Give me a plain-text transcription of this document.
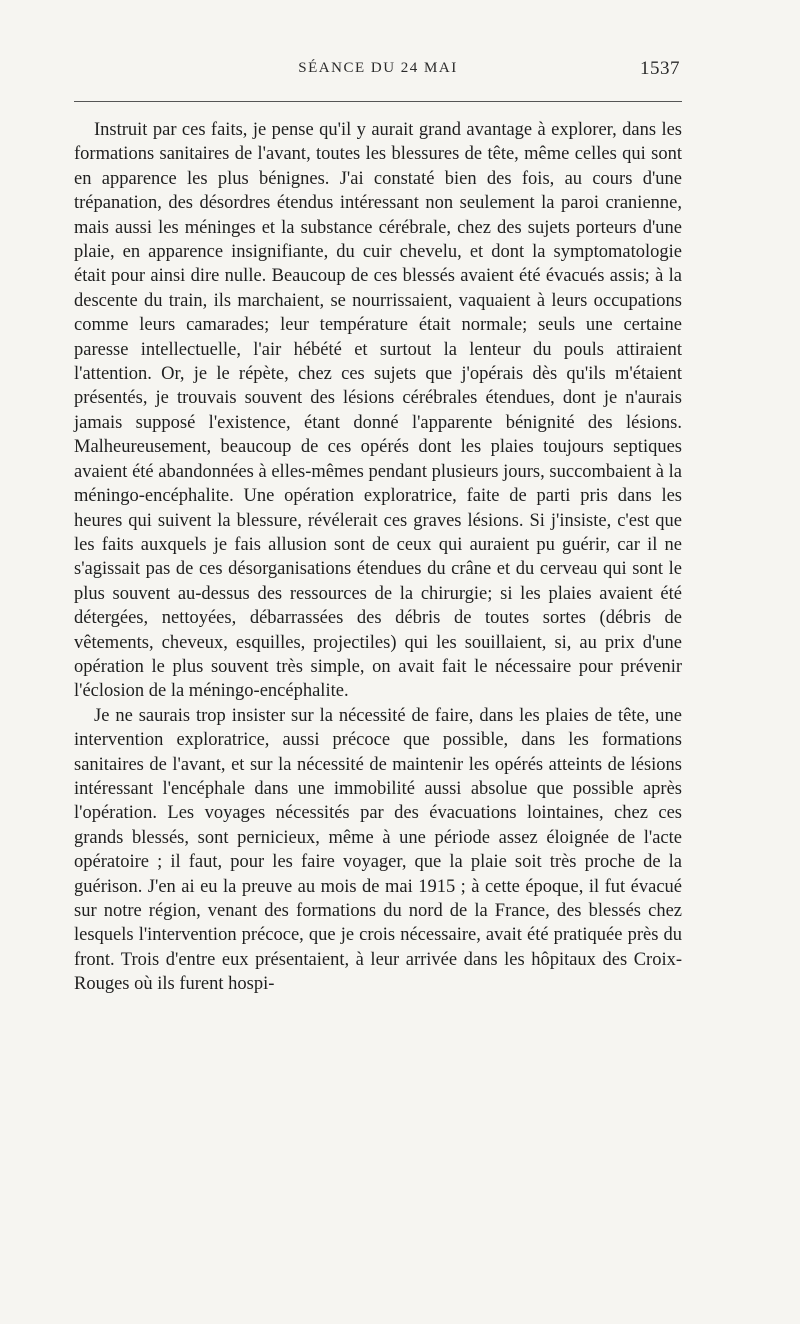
SÉANCE DU 24 MAI	1537

Instruit par ces faits, je pense qu'il y aurait grand avantage à explorer, dans les formations sanitaires de l'avant, toutes les blessures de tête, même celles qui sont en apparence les plus bénignes. J'ai constaté bien des fois, au cours d'une trépanation, des désordres étendus intéressant non seulement la paroi cranienne, mais aussi les méninges et la substance cérébrale, chez des sujets porteurs d'une plaie, en apparence insignifiante, du cuir chevelu, et dont la symptomatologie était pour ainsi dire nulle. Beaucoup de ces blessés avaient été évacués assis; à la descente du train, ils marchaient, se nourrissaient, vaquaient à leurs occupations comme leurs camarades; leur température était normale; seuls une certaine paresse intellectuelle, l'air hébété et surtout la lenteur du pouls attiraient l'attention. Or, je le répète, chez ces sujets que j'opérais dès qu'ils m'étaient présentés, je trouvais souvent des lésions cérébrales étendues, dont je n'aurais jamais supposé l'existence, étant donné l'apparente bénignité des lésions. Malheureusement, beaucoup de ces opérés dont les plaies toujours septiques avaient été abandonnées à elles-mêmes pendant plusieurs jours, succombaient à la méningo-encéphalite. Une opération exploratrice, faite de parti pris dans les heures qui suivent la blessure, révélerait ces graves lésions. Si j'insiste, c'est que les faits auxquels je fais allusion sont de ceux qui auraient pu guérir, car il ne s'agissait pas de ces désorganisations étendues du crâne et du cerveau qui sont le plus souvent au-dessus des ressources de la chirurgie; si les plaies avaient été détergées, nettoyées, débarrassées des débris de toutes sortes (débris de vêtements, cheveux, esquilles, projectiles) qui les souillaient, si, au prix d'une opération le plus souvent très simple, on avait fait le nécessaire pour prévenir l'éclosion de la méningo-encéphalite.

Je ne saurais trop insister sur la nécessité de faire, dans les plaies de tête, une intervention exploratrice, aussi précoce que possible, dans les formations sanitaires de l'avant, et sur la nécessité de maintenir les opérés atteints de lésions intéressant l'encéphale dans une immobilité aussi absolue que possible après l'opération. Les voyages nécessités par des évacuations lointaines, chez ces grands blessés, sont pernicieux, même à une période assez éloignée de l'acte opératoire ; il faut, pour les faire voyager, que la plaie soit très proche de la guérison. J'en ai eu la preuve au mois de mai 1915 ; à cette époque, il fut évacué sur notre région, venant des formations du nord de la France, des blessés chez lesquels l'intervention précoce, que je crois nécessaire, avait été pratiquée près du front. Trois d'entre eux présentaient, à leur arrivée dans les hôpitaux des Croix-Rouges où ils furent hospi-
